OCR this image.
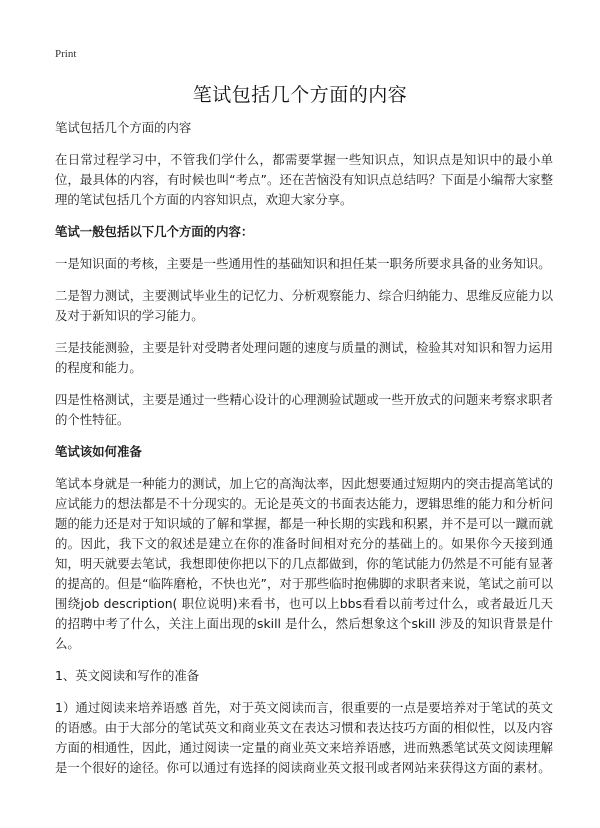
Print
笔试包括几个方面的内容

笔试包括几个方面的内容

在日常过程学习中，不管我们学什么，都需要掌握一些知识点，知识点是知识中的最小单位，最具体的内容，有时候也叫“考点”。还在苦恼没有知识点总结吗？下面是小编帮大家整理的笔试包括几个方面的内容知识点，欢迎大家分享。

笔试一般包括以下几个方面的内容：

一是知识面的考核，主要是一些通用性的基础知识和担任某一职务所要求具备的业务知识。

二是智力测试，主要测试毕业生的记忆力、分析观察能力、综合归纳能力、思维反应能力以及对于新知识的学习能力。

三是技能测验，主要是针对受聘者处理问题的速度与质量的测试，检验其对知识和智力运用的程度和能力。

四是性格测试，主要是通过一些精心设计的心理测验试题或一些开放式的问题来考察求职者的个性特征。

笔试该如何准备

笔试本身就是一种能力的测试，加上它的高淘汰率，因此想要通过短期内的突击提高笔试的应试能力的想法都是不十分现实的。无论是英文的书面表达能力，逻辑思维的能力和分析问题的能力还是对于知识域的了解和掌握，都是一种长期的实践和积累，并不是可以一蹴而就的。因此，我下文的叙述是建立在你的准备时间相对充分的基础上的。如果你今天接到通知，明天就要去笔试，我想即使你把以下的几点都做到，你的笔试能力仍然是不可能有显著的提高的。但是“临阵磨枪，不快也光”，对于那些临时抱佛脚的求职者来说，笔试之前可以围绕job description( 职位说明)来看书，也可以上bbs看看以前考过什么，或者最近几天的招聘中考了什么，关注上面出现的skill 是什么，然后想象这个skill 涉及的知识背景是什么。

1、英文阅读和写作的准备

1）通过阅读来培养语感 首先，对于英文阅读而言，很重要的一点是要培养对于笔试的英文的语感。由于大部分的笔试英文和商业英文在表达习惯和表达技巧方面的相似性，以及内容方面的相通性，因此，通过阅读一定量的商业英文来培养语感，进而熟悉笔试英文阅读理解是一个很好的途径。你可以通过有选择的阅读商业英文报刊或者网站来获得这方面的素材。
